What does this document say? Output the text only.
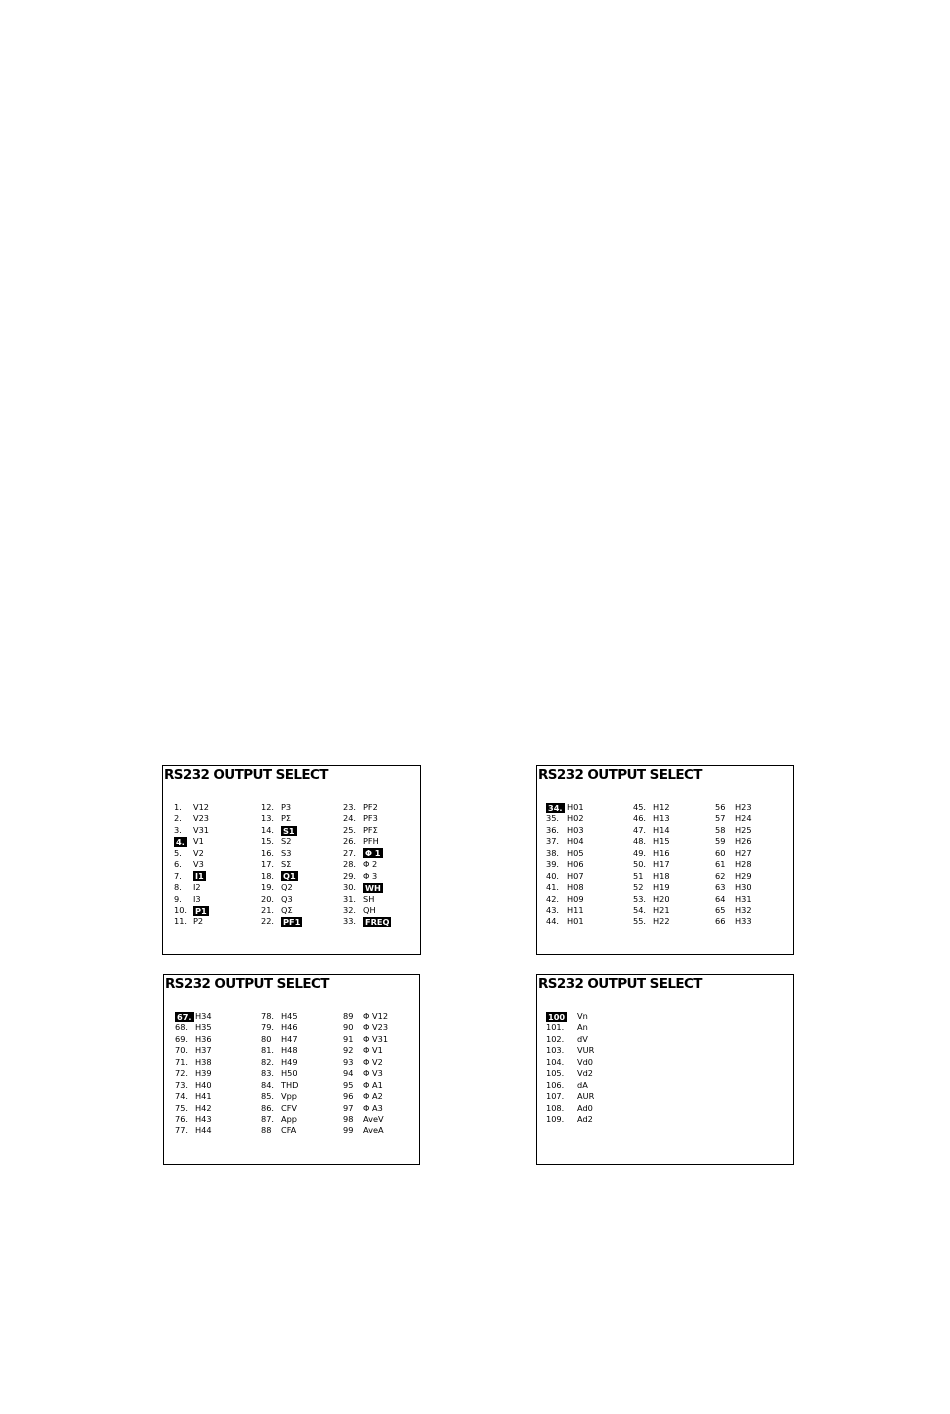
RS232 OUTPUT SELECT
1. V12
2. V23
3. V31
4. V1
5. V2
6. V3
7. I1
8. I2
9. I3
10. P1
11. P2
12. P3
13. PΣ
14. S1
15. S2
16. S3
17. SΣ
18. Q1
19. Q2
20. Q3
21. QΣ
22. PF1
23. PF2
24. PF3
25. PFΣ
26. PFH
27. Φ 1
28. Φ 2
29. Φ 3
30. WH
31. SH
32. QH
33. FREQ
RS232 OUTPUT SELECT
34. H01
35. H02
36. H03
37. H04
38. H05
39. H06
40. H07
41. H08
42. H09
43. H11
44. H01
45. H12
46. H13
47. H14
48. H15
49. H16
50. H17
51 H18
52 H19
53. H20
54. H21
55. H22
56 H23
57 H24
58 H25
59 H26
60 H27
61 H28
62 H29
63 H30
64 H31
65 H32
66 H33
RS232 OUTPUT SELECT
67. H34
68. H35
69. H36
70. H37
71. H38
72. H39
73. H40
74. H41
75. H42
76. H43
77. H44
78. H45
79. H46
80 H47
81. H48
82. H49
83. H50
84. THD
85. Vpp
86. CFV
87. App
88 CFA
89 Φ V12
90 Φ V23
91 Φ V31
92 Φ V1
93 Φ V2
94 Φ V3
95 Φ A1
96 Φ A2
97 Φ A3
98 AveV
99 AveA
RS232 OUTPUT SELECT
100 Vn
101. An
102. dV
103. VUR
104. Vd0
105. Vd2
106. dA
107. AUR
108. Ad0
109. Ad2
